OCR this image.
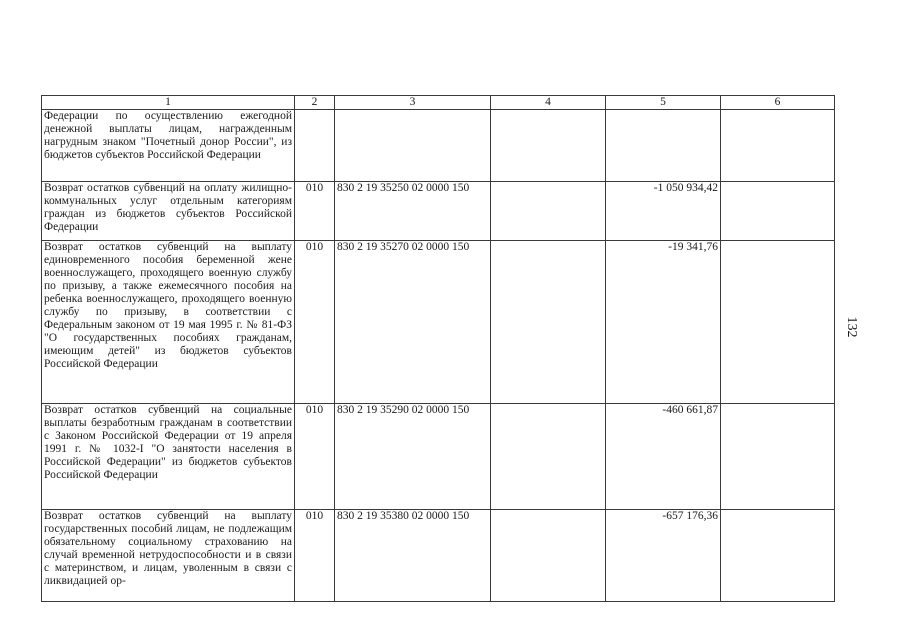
1	2	3	4	5	6
Федерации по осуществлению ежегодной денежной выплаты лицам, награжденным нагрудным знаком "Почетный донор России", из бюджетов субъектов Российской Федерации					
Возврат остатков субвенций на оплату жилищно-коммунальных услуг отдельным категориям граждан из бюджетов субъектов Российской Федерации	010	830 2 19 35250 02 0000 150		-1 050 934,42	
Возврат остатков субвенций на выплату единовременного пособия беременной жене военнослужащего, проходящего военную службу по призыву, а также ежемесячного пособия на ребенка военнослужащего, проходящего военную службу по призыву, в соответствии с Федеральным законом от 19 мая 1995 г. № 81-ФЗ "О государственных пособиях гражданам, имеющим детей" из бюджетов субъектов Российской Федерации	010	830 2 19 35270 02 0000 150		-19 341,76	
Возврат остатков субвенций на социальные выплаты безработным гражданам в соответствии с Законом Российской Федерации от 19 апреля 1991 г. № 1032-I "О занятости населения в Российской Федерации" из бюджетов субъектов Российской Федерации	010	830 2 19 35290 02 0000 150		-460 661,87	
Возврат остатков субвенций на выплату государственных пособий лицам, не подлежащим обязательному социальному страхованию на случай временной нетрудоспособности и в связи с материнством, и лицам, уволенным в связи с ликвидацией ор-	010	830 2 19 35380 02 0000 150		-657 176,36	
132
